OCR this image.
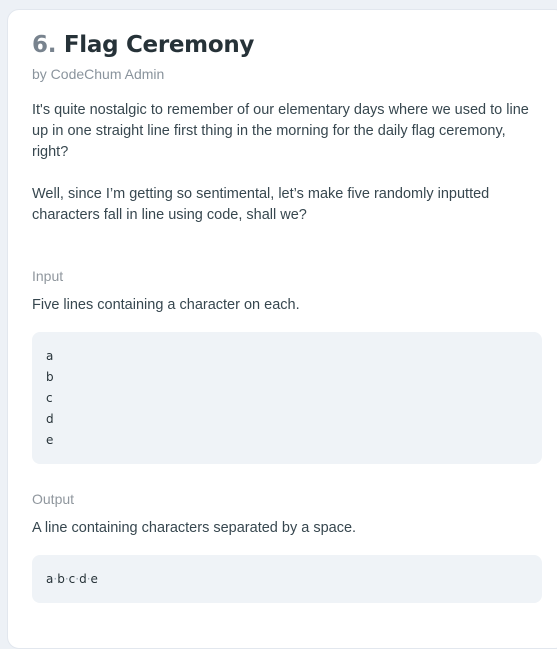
6. Flag Ceremony
by CodeChum Admin

It's quite nostalgic to remember of our elementary days where we used to line up in one straight line first thing in the morning for the daily flag ceremony, right?

Well, since I’m getting so sentimental, let’s make five randomly inputted characters fall in line using code, shall we?

Input
Five lines containing a character on each.
a
b
c
d
e
Output
A line containing characters separated by a space.
a·b·c·d·e
